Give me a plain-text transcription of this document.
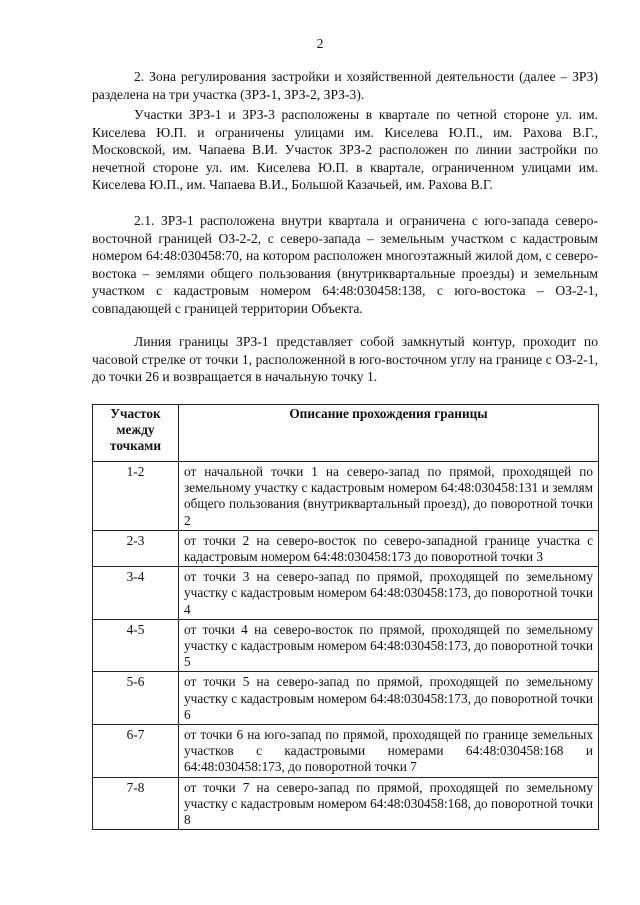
2

2. Зона регулирования застройки и хозяйственной деятельности (далее – ЗРЗ) разделена на три участка (ЗРЗ-1, ЗРЗ-2, ЗРЗ-3).

Участки ЗРЗ-1 и ЗРЗ-3 расположены в квартале по четной стороне ул. им. Киселева Ю.П. и ограничены улицами им. Киселева Ю.П., им. Рахова В.Г., Московской, им. Чапаева В.И. Участок ЗРЗ-2 расположен по линии застройки по нечетной стороне ул. им. Киселева Ю.П. в квартале, ограниченном улицами им. Киселева Ю.П., им. Чапаева В.И., Большой Казачьей, им. Рахова В.Г.

2.1. ЗРЗ-1 расположена внутри квартала и ограничена с юго-запада северо-восточной границей ОЗ-2-2, с северо-запада – земельным участком с кадастровым номером 64:48:030458:70, на котором расположен многоэтажный жилой дом, с северо-востока – землями общего пользования (внутриквартальные проезды) и земельным участком с кадастровым номером 64:48:030458:138, с юго-востока – ОЗ-2-1, совпадающей с границей территории Объекта.

Линия границы ЗРЗ-1 представляет собой замкнутый контур, проходит по часовой стрелке от точки 1, расположенной в юго-восточном углу на границе с ОЗ-2-1, до точки 26 и возвращается в начальную точку 1.

Участок между точками	Описание прохождения границы
1-2	от начальной точки 1 на северо-запад по прямой, проходящей по земельному участку с кадастровым номером 64:48:030458:131 и землям общего пользования (внутриквартальный проезд), до поворотной точки 2
2-3	от точки 2 на северо-восток по северо-западной границе участка с кадастровым номером 64:48:030458:173 до поворотной точки 3
3-4	от точки 3 на северо-запад по прямой, проходящей по земельному участку с кадастровым номером 64:48:030458:173, до поворотной точки 4
4-5	от точки 4 на северо-восток по прямой, проходящей по земельному участку с кадастровым номером 64:48:030458:173, до поворотной точки 5
5-6	от точки 5 на северо-запад по прямой, проходящей по земельному участку с кадастровым номером 64:48:030458:173, до поворотной точки 6
6-7	от точки 6 на юго-запад по прямой, проходящей по границе земельных участков с кадастровыми номерами 64:48:030458:168 и 64:48:030458:173, до поворотной точки 7
7-8	от точки 7 на северо-запад по прямой, проходящей по земельному участку с кадастровым номером 64:48:030458:168, до поворотной точки 8
